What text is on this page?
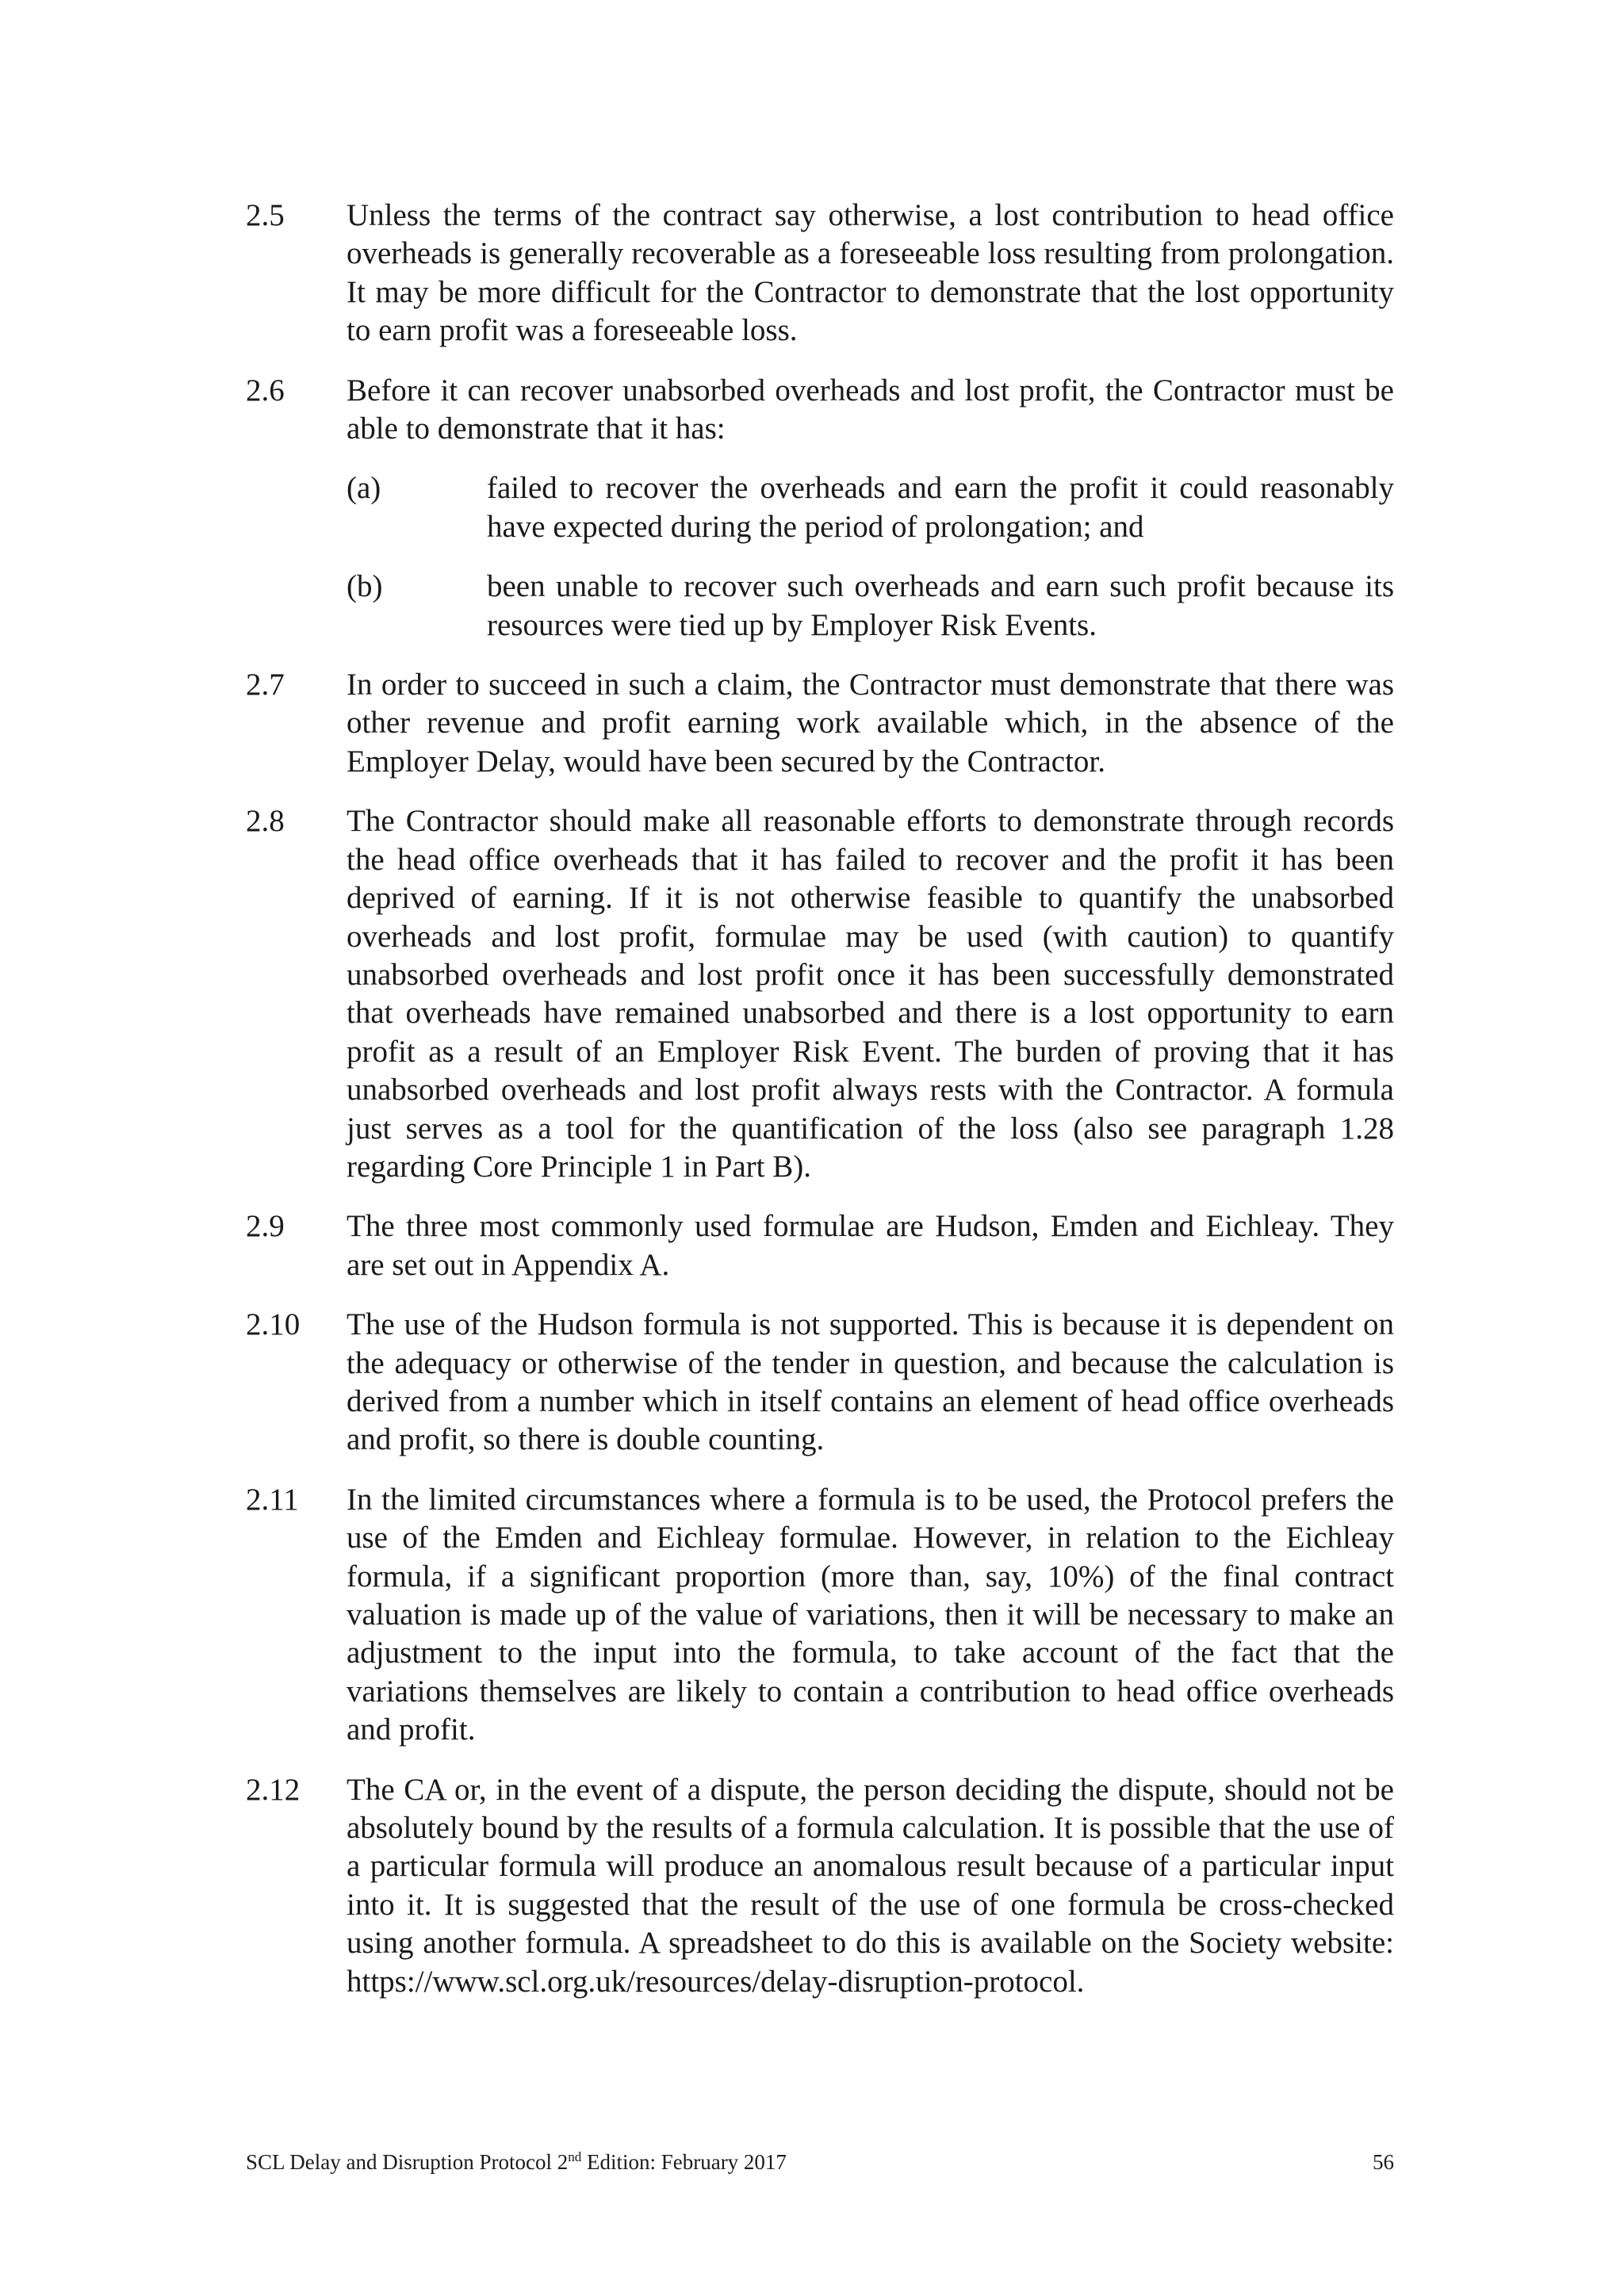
2.5	Unless the terms of the contract say otherwise, a lost contribution to head office overheads is generally recoverable as a foreseeable loss resulting from prolongation. It may be more difficult for the Contractor to demonstrate that the lost opportunity to earn profit was a foreseeable loss.
2.6	Before it can recover unabsorbed overheads and lost profit, the Contractor must be able to demonstrate that it has:
(a)	failed to recover the overheads and earn the profit it could reasonably have expected during the period of prolongation; and
(b)	been unable to recover such overheads and earn such profit because its resources were tied up by Employer Risk Events.
2.7	In order to succeed in such a claim, the Contractor must demonstrate that there was other revenue and profit earning work available which, in the absence of the Employer Delay, would have been secured by the Contractor.
2.8	The Contractor should make all reasonable efforts to demonstrate through records the head office overheads that it has failed to recover and the profit it has been deprived of earning. If it is not otherwise feasible to quantify the unabsorbed overheads and lost profit, formulae may be used (with caution) to quantify unabsorbed overheads and lost profit once it has been successfully demonstrated that overheads have remained unabsorbed and there is a lost opportunity to earn profit as a result of an Employer Risk Event. The burden of proving that it has unabsorbed overheads and lost profit always rests with the Contractor. A formula just serves as a tool for the quantification of the loss (also see paragraph 1.28 regarding Core Principle 1 in Part B).
2.9	The three most commonly used formulae are Hudson, Emden and Eichleay. They are set out in Appendix A.
2.10	The use of the Hudson formula is not supported. This is because it is dependent on the adequacy or otherwise of the tender in question, and because the calculation is derived from a number which in itself contains an element of head office overheads and profit, so there is double counting.
2.11	In the limited circumstances where a formula is to be used, the Protocol prefers the use of the Emden and Eichleay formulae. However, in relation to the Eichleay formula, if a significant proportion (more than, say, 10%) of the final contract valuation is made up of the value of variations, then it will be necessary to make an adjustment to the input into the formula, to take account of the fact that the variations themselves are likely to contain a contribution to head office overheads and profit.
2.12	The CA or, in the event of a dispute, the person deciding the dispute, should not be absolutely bound by the results of a formula calculation. It is possible that the use of a particular formula will produce an anomalous result because of a particular input into it. It is suggested that the result of the use of one formula be cross-checked using another formula. A spreadsheet to do this is available on the Society website: https://www.scl.org.uk/resources/delay-disruption-protocol.
SCL Delay and Disruption Protocol 2nd Edition: February 2017	56
